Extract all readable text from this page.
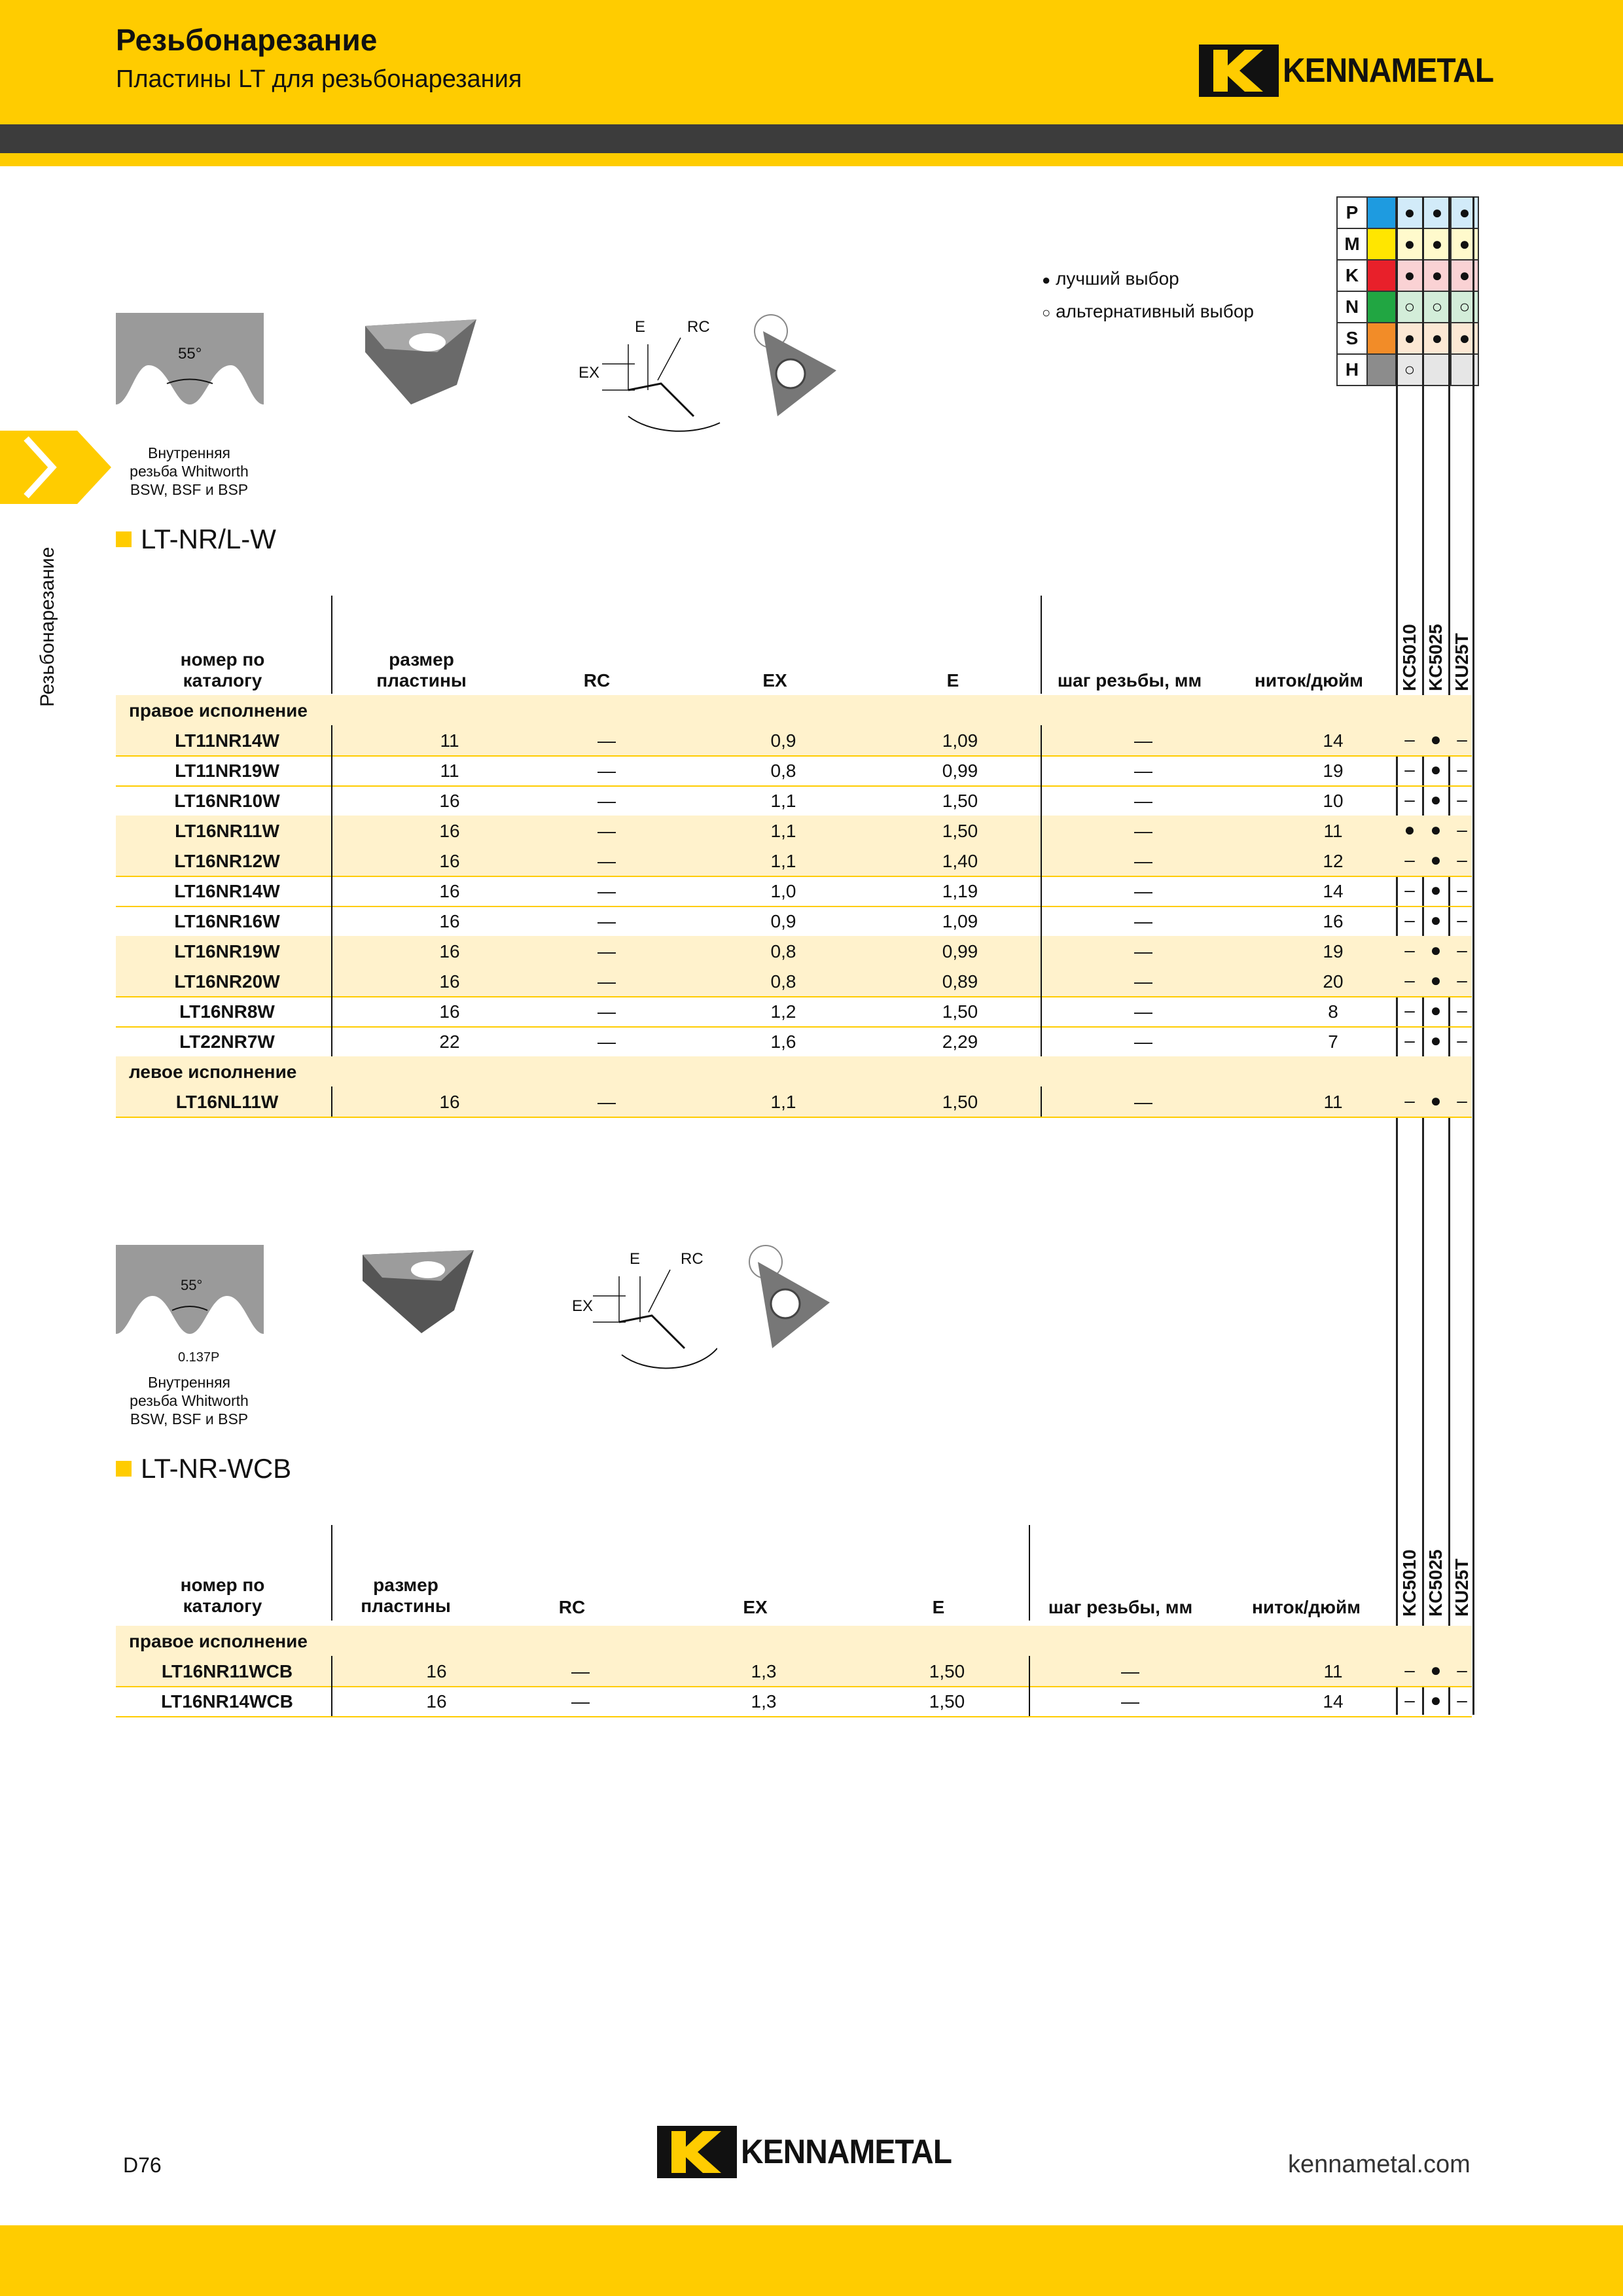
Резьбонарезание
Пластины LT для резьбонарезания	KENNAMETAL
Резьбонарезание
P	● ● ●
M	● ● ●
K	● ● ●
N	○ ○ ○
S	● ● ●
H	○
● лучший выбор
○ альтернативный выбор
55°
Внутренняя
резьба Whitworth
BSW, BSF и BSP
E	RC
EX
LT-NR/L-W
номер по
каталогу
размер
пластины	RC	EX	E	шаг резьбы, мм	ниток/дюйм	KC5010 KC5025 KU25T
правое исполнение
LT11NR14W	11	—	0,9	1,09	—	14	– ● –
LT11NR19W	11	—	0,8	0,99	—	19	– ● –
LT16NR10W	16	—	1,1	1,50	—	10	– ● –
LT16NR11W	16	—	1,1	1,50	—	11	● ● –
LT16NR12W	16	—	1,1	1,40	—	12	– ● –
LT16NR14W	16	—	1,0	1,19	—	14	– ● –
LT16NR16W	16	—	0,9	1,09	—	16	– ● –
LT16NR19W	16	—	0,8	0,99	—	19	– ● –
LT16NR20W	16	—	0,8	0,89	—	20	– ● –
LT16NR8W	16	—	1,2	1,50	—	8	– ● –
LT22NR7W	22	—	1,6	2,29	—	7	– ● –
левое исполнение
LT16NL11W	16	—	1,1	1,50	—	11	– ● –
55°
0.137P
Внутренняя
резьба Whitworth
BSW, BSF и BSP
E	RC
EX
LT-NR-WCB
номер по
каталогу
размер
пластины	RC	EX	E	шаг резьбы, мм	ниток/дюйм	KC5010 KC5025 KU25T
правое исполнение
LT16NR11WCB	16	—	1,3	1,50	—	11	– ● –
LT16NR14WCB	16	—	1,3	1,50	—	14	– ● –
D76	KENNAMETAL	kennametal.com
